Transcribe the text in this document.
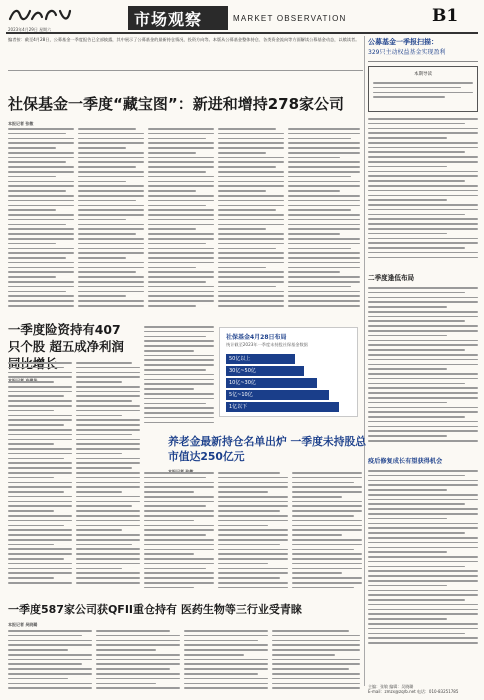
2023年4月29日 星期六
市场观察	MARKET OBSERVATION	B1
编者按：截至4月28日，公募基金一季度报告已全部披露，其中展示了公募基金的最新持仓情况、投资方向等。本版从公募基金整体持仓、各类资金流向等方面解读公募基金动态，以飨读者。
社保基金一季度“藏宝图”：新进和增持278家公司
本报记者 张敏
一季度险资持有407只个股 超五成净利润
社保基金4月28日布局
统计截至2023年一季度末持股社保基金数据
50亿以上
30亿~50亿
10亿~30亿
5亿~10亿
1亿以下
养老金最新持仓名单出炉 一季度未持股总市值达250亿元
一季度587家公司获QFII重仓持有 医药生物等三行业受青睐
本报记者 吴晓璐
公募基金一季报扫描：
329只主动权益基金实现盈利
本期导读
二季度逢低布局
疫后修复成长有望获得机会
主编：张敏 编辑：吴晓璐
E-mail：zmzx@zqrb.net 电话：010-83251785
